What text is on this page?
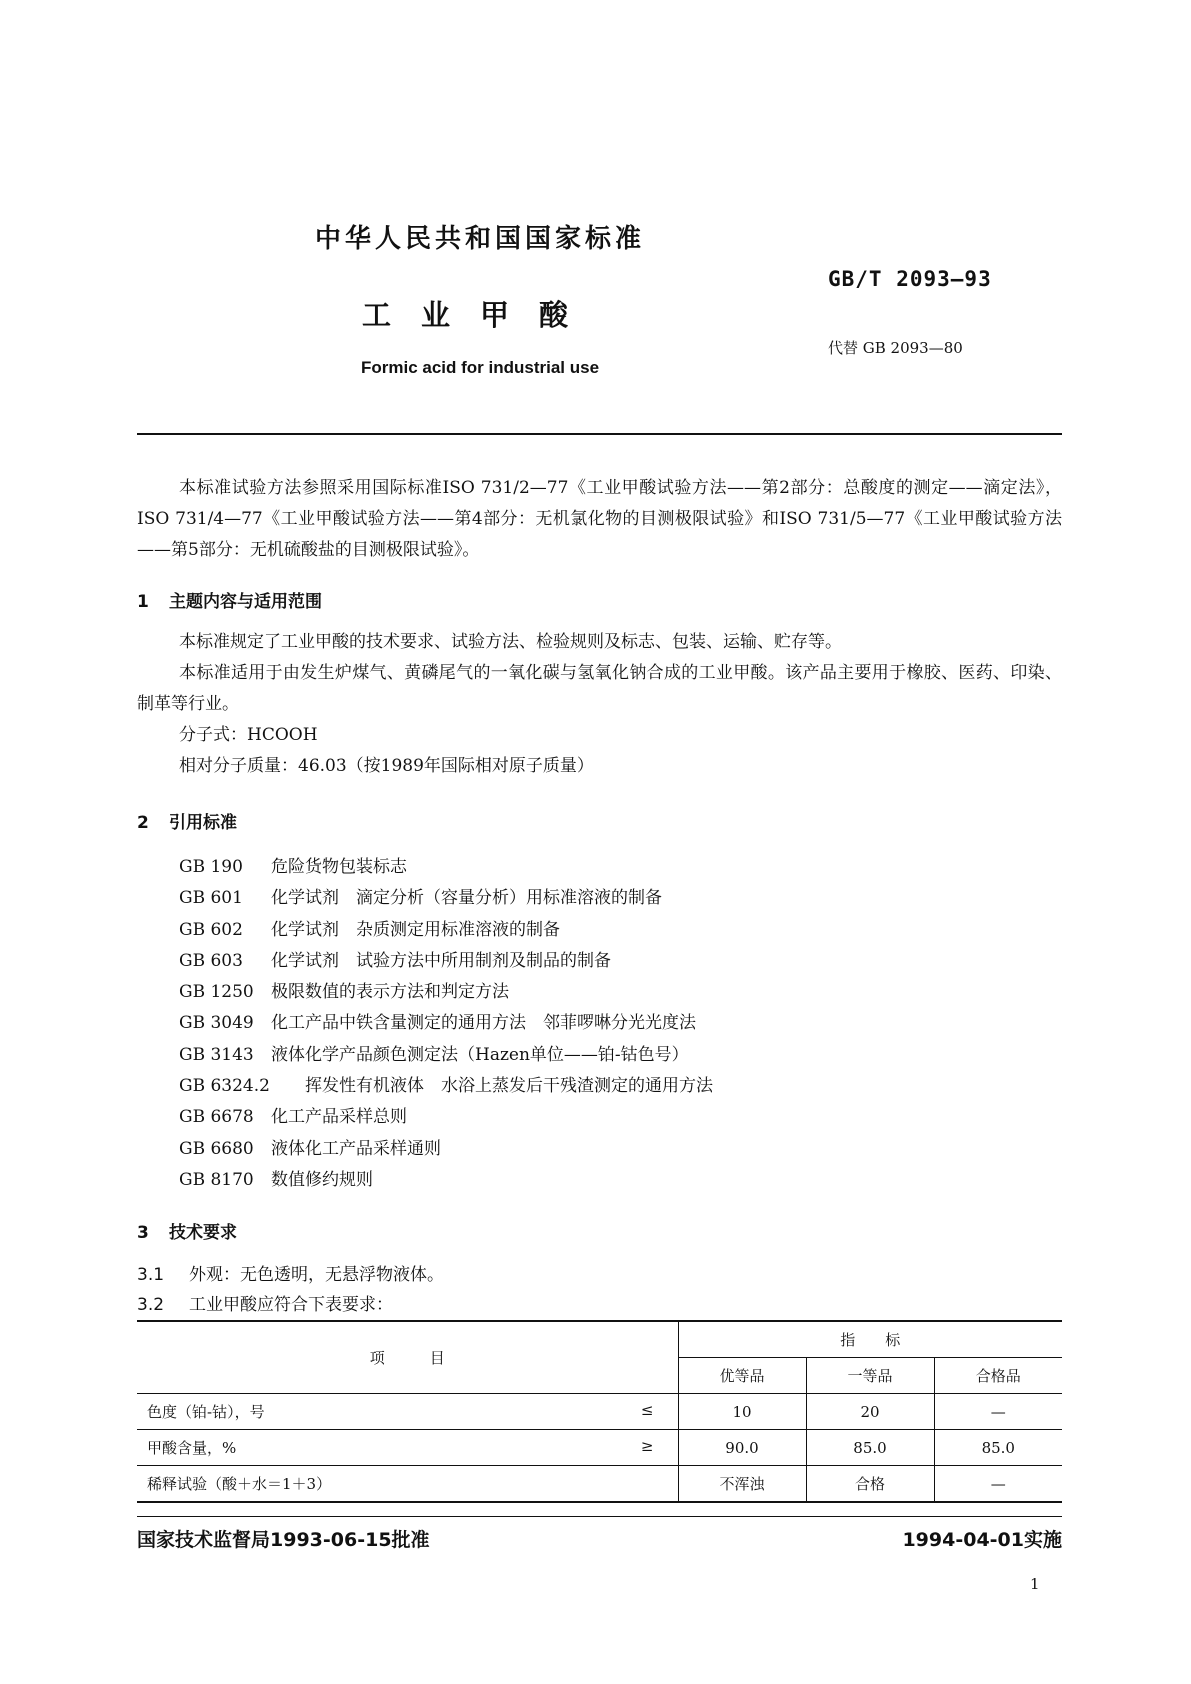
中华人民共和国国家标准
GB/T 2093—93
工业甲酸
代替 GB 2093—80
Formic acid for industrial use
本标准试验方法参照采用国际标准ISO 731/2—77《工业甲酸试验方法——第2部分：总酸度的测定——滴定法》，ISO 731/4—77《工业甲酸试验方法——第4部分：无机氯化物的目测极限试验》和ISO 731/5—77《工业甲酸试验方法——第5部分：无机硫酸盐的目测极限试验》。
1 主题内容与适用范围
本标准规定了工业甲酸的技术要求、试验方法、检验规则及标志、包装、运输、贮存等。
本标准适用于由发生炉煤气、黄磷尾气的一氧化碳与氢氧化钠合成的工业甲酸。该产品主要用于橡胶、医药、印染、制革等行业。
分子式：HCOOH
相对分子质量：46.03（按1989年国际相对原子质量）
2 引用标准
GB 190 危险货物包装标志
GB 601 化学试剂　滴定分析（容量分析）用标准溶液的制备
GB 602 化学试剂　杂质测定用标准溶液的制备
GB 603 化学试剂　试验方法中所用制剂及制品的制备
GB 1250 极限数值的表示方法和判定方法
GB 3049 化工产品中铁含量测定的通用方法　邻菲啰啉分光光度法
GB 3143 液体化学产品颜色测定法（Hazen单位——铂-钴色号）
GB 6324.2 挥发性有机液体　水浴上蒸发后干残渣测定的通用方法
GB 6678 化工产品采样总则
GB 6680 液体化工产品采样通则
GB 8170 数值修约规则
3 技术要求
3.1 外观：无色透明，无悬浮物液体。
3.2 工业甲酸应符合下表要求：
项　　　目	指　　标		
	优等品	一等品	合格品

色度（铂-钴），号 ≤	10	20	—

甲酸含量，% ≥	90.0	85.0	85.0

稀释试验（酸＋水＝1＋3）	不浑浊	合格	—
国家技术监督局1993-06-15批准	1994-04-01实施
1
